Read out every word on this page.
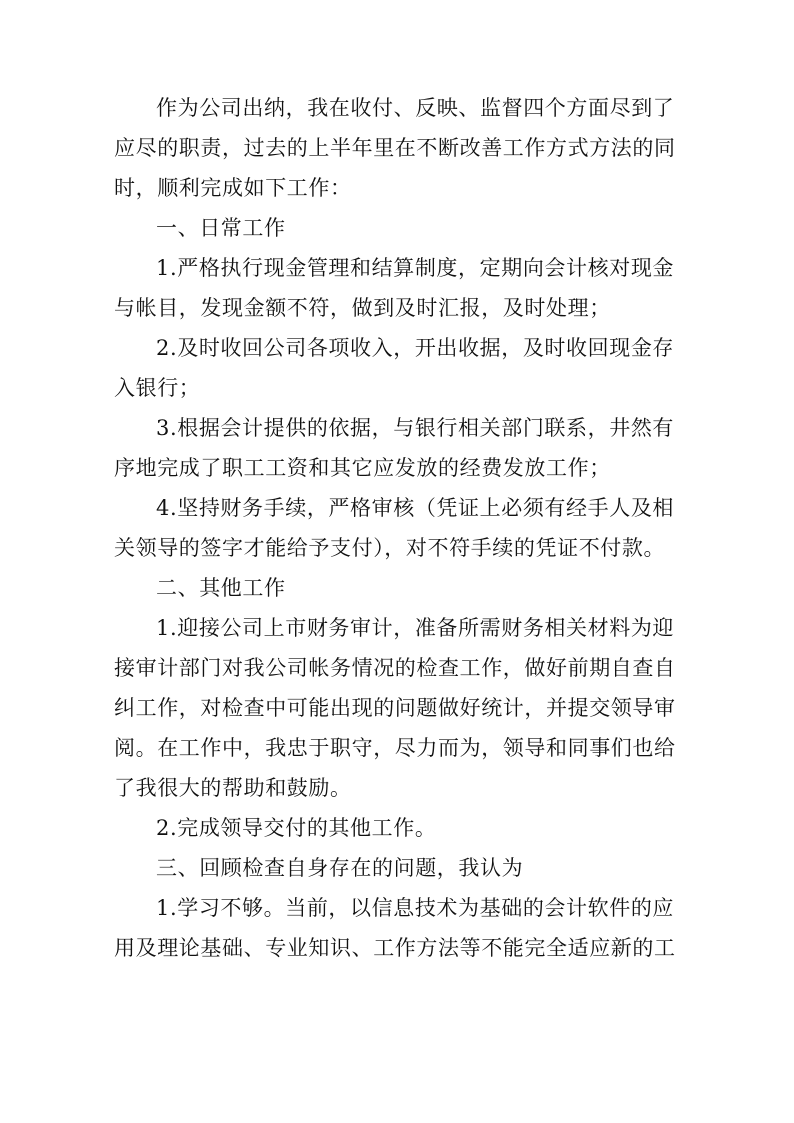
作为公司出纳，我在收付、反映、监督四个方面尽到了
应尽的职责，过去的上半年里在不断改善工作方式方法的同
时，顺利完成如下工作：
一、日常工作
1.严格执行现金管理和结算制度，定期向会计核对现金
与帐目，发现金额不符，做到及时汇报，及时处理；
2.及时收回公司各项收入，开出收据，及时收回现金存
入银行；
3.根据会计提供的依据，与银行相关部门联系，井然有
序地完成了职工工资和其它应发放的经费发放工作；
4.坚持财务手续，严格审核（凭证上必须有经手人及相
关领导的签字才能给予支付），对不符手续的凭证不付款。
二、其他工作
1.迎接公司上市财务审计，准备所需财务相关材料为迎
接审计部门对我公司帐务情况的检查工作，做好前期自查自
纠工作，对检查中可能出现的问题做好统计，并提交领导审
阅。在工作中，我忠于职守，尽力而为，领导和同事们也给
了我很大的帮助和鼓励。
2.完成领导交付的其他工作。
三、回顾检查自身存在的问题，我认为
1.学习不够。当前，以信息技术为基础的会计软件的应
用及理论基础、专业知识、工作方法等不能完全适应新的工
